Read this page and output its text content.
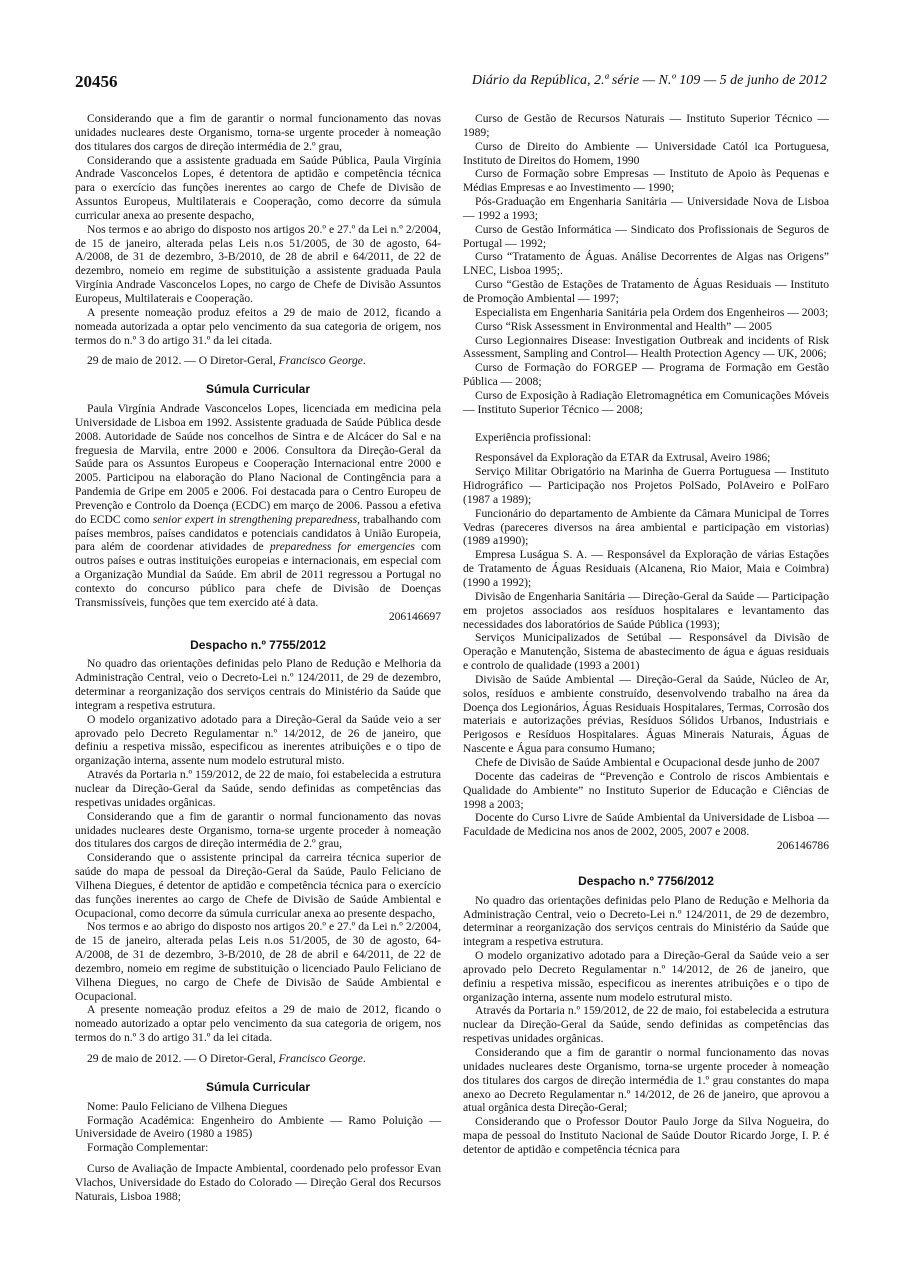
20456	Diário da República, 2.ª série — N.º 109 — 5 de junho de 2012

Considerando que a fim de garantir o normal funcionamento das novas unidades nucleares deste Organismo, torna-se urgente proceder à nomeação dos titulares dos cargos de direção intermédia de 2.º grau,

Considerando que a assistente graduada em Saúde Pública, Paula Virgínia Andrade Vasconcelos Lopes, é detentora de aptidão e competência técnica para o exercício das funções inerentes ao cargo de Chefe de Divisão de Assuntos Europeus, Multilaterais e Cooperação, como decorre da súmula curricular anexa ao presente despacho,

Nos termos e ao abrigo do disposto nos artigos 20.º e 27.º da Lei n.º 2/2004, de 15 de janeiro, alterada pelas Leis n.os 51/2005, de 30 de agosto, 64-A/2008, de 31 de dezembro, 3-B/2010, de 28 de abril e 64/2011, de 22 de dezembro, nomeio em regime de substituição a assistente graduada Paula Virgínia Andrade Vasconcelos Lopes, no cargo de Chefe de Divisão Assuntos Europeus, Multilaterais e Cooperação.

A presente nomeação produz efeitos a 29 de maio de 2012, ficando a nomeada autorizada a optar pelo vencimento da sua categoria de origem, nos termos do n.º 3 do artigo 31.º da lei citada.

29 de maio de 2012. — O Diretor-Geral, Francisco George.

Súmula Curricular

Paula Virgínia Andrade Vasconcelos Lopes, licenciada em medicina pela Universidade de Lisboa em 1992. Assistente graduada de Saúde Pública desde 2008. Autoridade de Saúde nos concelhos de Sintra e de Alcácer do Sal e na freguesia de Marvila, entre 2000 e 2006. Consultora da Direção-Geral da Saúde para os Assuntos Europeus e Cooperação Internacional entre 2000 e 2005. Participou na elaboração do Plano Nacional de Contingência para a Pandemia de Gripe em 2005 e 2006. Foi destacada para o Centro Europeu de Prevenção e Controlo da Doença (ECDC) em março de 2006. Passou a efetiva do ECDC como senior expert in strengthening preparedness, trabalhando com países membros, países candidatos e potenciais candidatos à União Europeia, para além de coordenar atividades de preparedness for emergencies com outros países e outras instituições europeias e internacionais, em especial com a Organização Mundial da Saúde. Em abril de 2011 regressou a Portugal no contexto do concurso público para chefe de Divisão de Doenças Transmissíveis, funções que tem exercido até à data.

206146697

Despacho n.º 7755/2012

No quadro das orientações definidas pelo Plano de Redução e Melhoria da Administração Central, veio o Decreto-Lei n.º 124/2011, de 29 de dezembro, determinar a reorganização dos serviços centrais do Ministério da Saúde que integram a respetiva estrutura.

O modelo organizativo adotado para a Direção-Geral da Saúde veio a ser aprovado pelo Decreto Regulamentar n.º 14/2012, de 26 de janeiro, que definiu a respetiva missão, especificou as inerentes atribuições e o tipo de organização interna, assente num modelo estrutural misto.

Através da Portaria n.º 159/2012, de 22 de maio, foi estabelecida a estrutura nuclear da Direção-Geral da Saúde, sendo definidas as competências das respetivas unidades orgânicas.

Considerando que a fim de garantir o normal funcionamento das novas unidades nucleares deste Organismo, torna-se urgente proceder à nomeação dos titulares dos cargos de direção intermédia de 2.º grau,

Considerando que o assistente principal da carreira técnica superior de saúde do mapa de pessoal da Direção-Geral da Saúde, Paulo Feliciano de Vilhena Diegues, é detentor de aptidão e competência técnica para o exercício das funções inerentes ao cargo de Chefe de Divisão de Saúde Ambiental e Ocupacional, como decorre da súmula curricular anexa ao presente despacho,

Nos termos e ao abrigo do disposto nos artigos 20.º e 27.º da Lei n.º 2/2004, de 15 de janeiro, alterada pelas Leis n.os 51/2005, de 30 de agosto, 64-A/2008, de 31 de dezembro, 3-B/2010, de 28 de abril e 64/2011, de 22 de dezembro, nomeio em regime de substituição o licenciado Paulo Feliciano de Vilhena Diegues, no cargo de Chefe de Divisão de Saúde Ambiental e Ocupacional.

A presente nomeação produz efeitos a 29 de maio de 2012, ficando o nomeado autorizado a optar pelo vencimento da sua categoria de origem, nos termos do n.º 3 do artigo 31.º da lei citada.

29 de maio de 2012. — O Diretor-Geral, Francisco George.

Súmula Curricular

Nome: Paulo Feliciano de Vilhena Diegues

Formação Académica: Engenheiro do Ambiente — Ramo Poluição — Universidade de Aveiro (1980 a 1985)

Formação Complementar:

Curso de Avaliação de Impacte Ambiental, coordenado pelo professor Evan Vlachos, Universidade do Estado do Colorado — Direção Geral dos Recursos Naturais, Lisboa 1988;

Curso de Gestão de Recursos Naturais — Instituto Superior Técnico — 1989;

Curso de Direito do Ambiente — Universidade Catól ica Portuguesa, Instituto de Direitos do Homem, 1990

Curso de Formação sobre Empresas — Instituto de Apoio às Pequenas e Médias Empresas e ao Investimento — 1990;

Pós-Graduação em Engenharia Sanitária — Universidade Nova de Lisboa — 1992 a 1993;

Curso de Gestão Informática — Sindicato dos Profissionais de Seguros de Portugal — 1992;

Curso “Tratamento de Águas. Análise Decorrentes de Algas nas Origens” LNEC, Lisboa 1995;.

Curso “Gestão de Estações de Tratamento de Águas Residuais — Instituto de Promoção Ambiental — 1997;

Especialista em Engenharia Sanitária pela Ordem dos Engenheiros — 2003;

Curso “Risk Assessment in Environmental and Health” — 2005

Curso Legionnaires Disease: Investigation Outbreak and incidents of Risk Assessment, Sampling and Control— Health Protection Agency — UK, 2006;

Curso de Formação do FORGEP — Programa de Formação em Gestão Pública — 2008;

Curso de Exposição à Radiação Eletromagnética em Comunicações Móveis — Instituto Superior Técnico — 2008;

Experiência profissional:

Responsável da Exploração da ETAR da Extrusal, Aveiro 1986;

Serviço Militar Obrigatório na Marinha de Guerra Portuguesa — Instituto Hidrográfico — Participação nos Projetos PolSado, PolAveiro e PolFaro (1987 a 1989);

Funcionário do departamento de Ambiente da Câmara Municipal de Torres Vedras (pareceres diversos na área ambiental e participação em vistorias) (1989 a1990);

Empresa Luságua S. A. — Responsável da Exploração de várias Estações de Tratamento de Águas Residuais (Alcanena, Rio Maior, Maia e Coimbra) (1990 a 1992);

Divisão de Engenharia Sanitária — Direção-Geral da Saúde — Participação em projetos associados aos resíduos hospitalares e levantamento das necessidades dos laboratórios de Saúde Pública (1993);

Serviços Municipalizados de Setúbal — Responsável da Divisão de Operação e Manutenção, Sistema de abastecimento de água e águas residuais e controlo de qualidade (1993 a 2001)

Divisão de Saúde Ambiental — Direção-Geral da Saúde, Núcleo de Ar, solos, resíduos e ambiente construído, desenvolvendo trabalho na área da Doença dos Legionários, Águas Residuais Hospitalares, Termas, Corrosão dos materiais e autorizações prévias, Resíduos Sólidos Urbanos, Industriais e Perigosos e Resíduos Hospitalares. Águas Minerais Naturais, Águas de Nascente e Água para consumo Humano;

Chefe de Divisão de Saúde Ambiental e Ocupacional desde junho de 2007

Docente das cadeiras de “Prevenção e Controlo de riscos Ambientais e Qualidade do Ambiente” no Instituto Superior de Educação e Ciências de 1998 a 2003;

Docente do Curso Livre de Saúde Ambiental da Universidade de Lisboa — Faculdade de Medicina nos anos de 2002, 2005, 2007 e 2008.

206146786

Despacho n.º 7756/2012

No quadro das orientações definidas pelo Plano de Redução e Melhoria da Administração Central, veio o Decreto-Lei n.º 124/2011, de 29 de dezembro, determinar a reorganização dos serviços centrais do Ministério da Saúde que integram a respetiva estrutura.

O modelo organizativo adotado para a Direção-Geral da Saúde veio a ser aprovado pelo Decreto Regulamentar n.º 14/2012, de 26 de janeiro, que definiu a respetiva missão, especificou as inerentes atribuições e o tipo de organização interna, assente num modelo estrutural misto.

Através da Portaria n.º 159/2012, de 22 de maio, foi estabelecida a estrutura nuclear da Direção-Geral da Saúde, sendo definidas as competências das respetivas unidades orgânicas.

Considerando que a fim de garantir o normal funcionamento das novas unidades nucleares deste Organismo, torna-se urgente proceder à nomeação dos titulares dos cargos de direção intermédia de 1.º grau constantes do mapa anexo ao Decreto Regulamentar n.º 14/2012, de 26 de janeiro, que aprovou a atual orgânica desta Direção-Geral;

Considerando que o Professor Doutor Paulo Jorge da Silva Nogueira, do mapa de pessoal do Instituto Nacional de Saúde Doutor Ricardo Jorge, I. P. é detentor de aptidão e competência técnica para
